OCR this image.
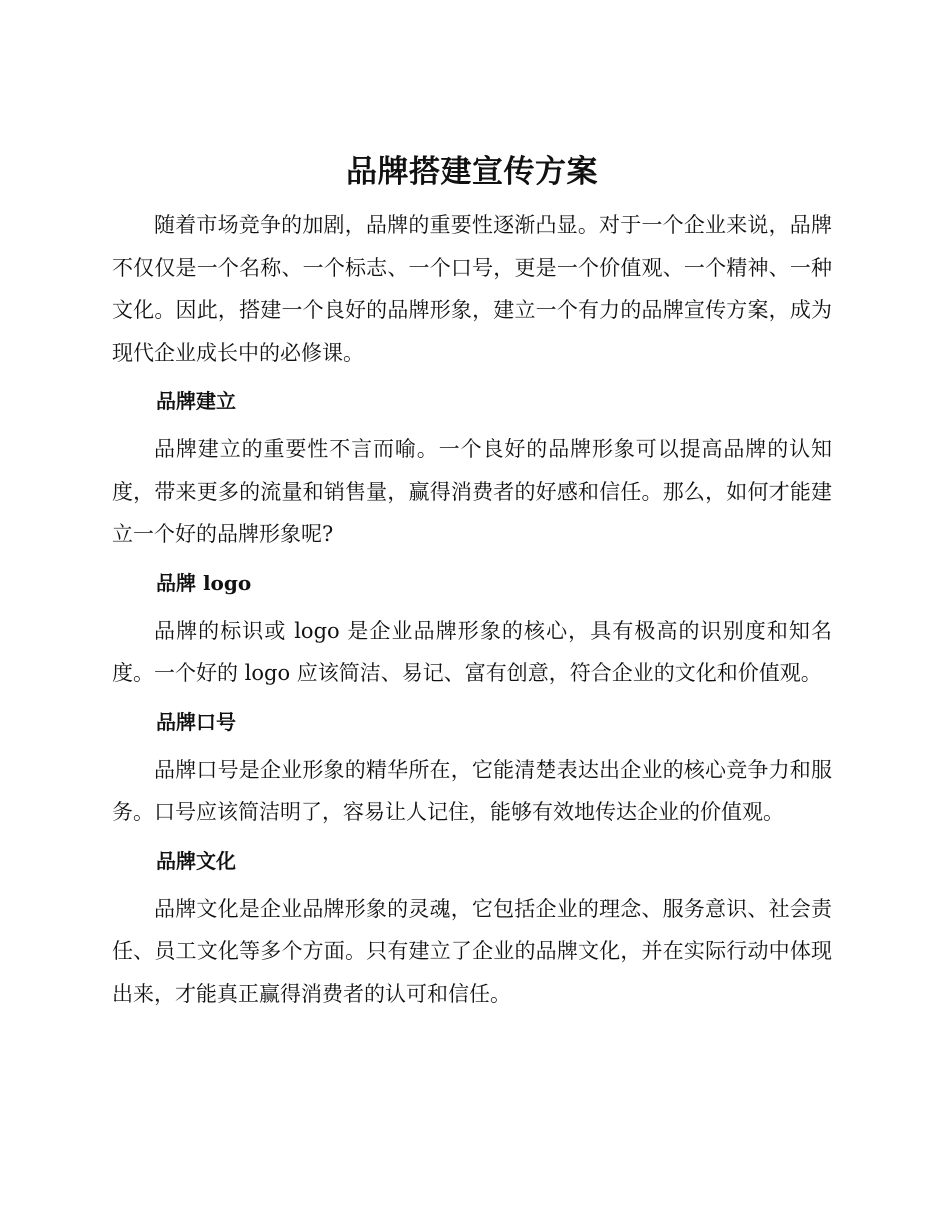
品牌搭建宣传方案

随着市场竞争的加剧，品牌的重要性逐渐凸显。对于一个企业来说，品牌不仅仅是一个名称、一个标志、一个口号，更是一个价值观、一个精神、一种文化。因此，搭建一个良好的品牌形象，建立一个有力的品牌宣传方案，成为现代企业成长中的必修课。

品牌建立

品牌建立的重要性不言而喻。一个良好的品牌形象可以提高品牌的认知度，带来更多的流量和销售量，赢得消费者的好感和信任。那么，如何才能建立一个好的品牌形象呢?

品牌 logo

品牌的标识或 logo 是企业品牌形象的核心，具有极高的识别度和知名度。一个好的 logo 应该简洁、易记、富有创意，符合企业的文化和价值观。

品牌口号

品牌口号是企业形象的精华所在，它能清楚表达出企业的核心竞争力和服务。口号应该简洁明了，容易让人记住，能够有效地传达企业的价值观。

品牌文化

品牌文化是企业品牌形象的灵魂，它包括企业的理念、服务意识、社会责任、员工文化等多个方面。只有建立了企业的品牌文化，并在实际行动中体现出来，才能真正赢得消费者的认可和信任。
